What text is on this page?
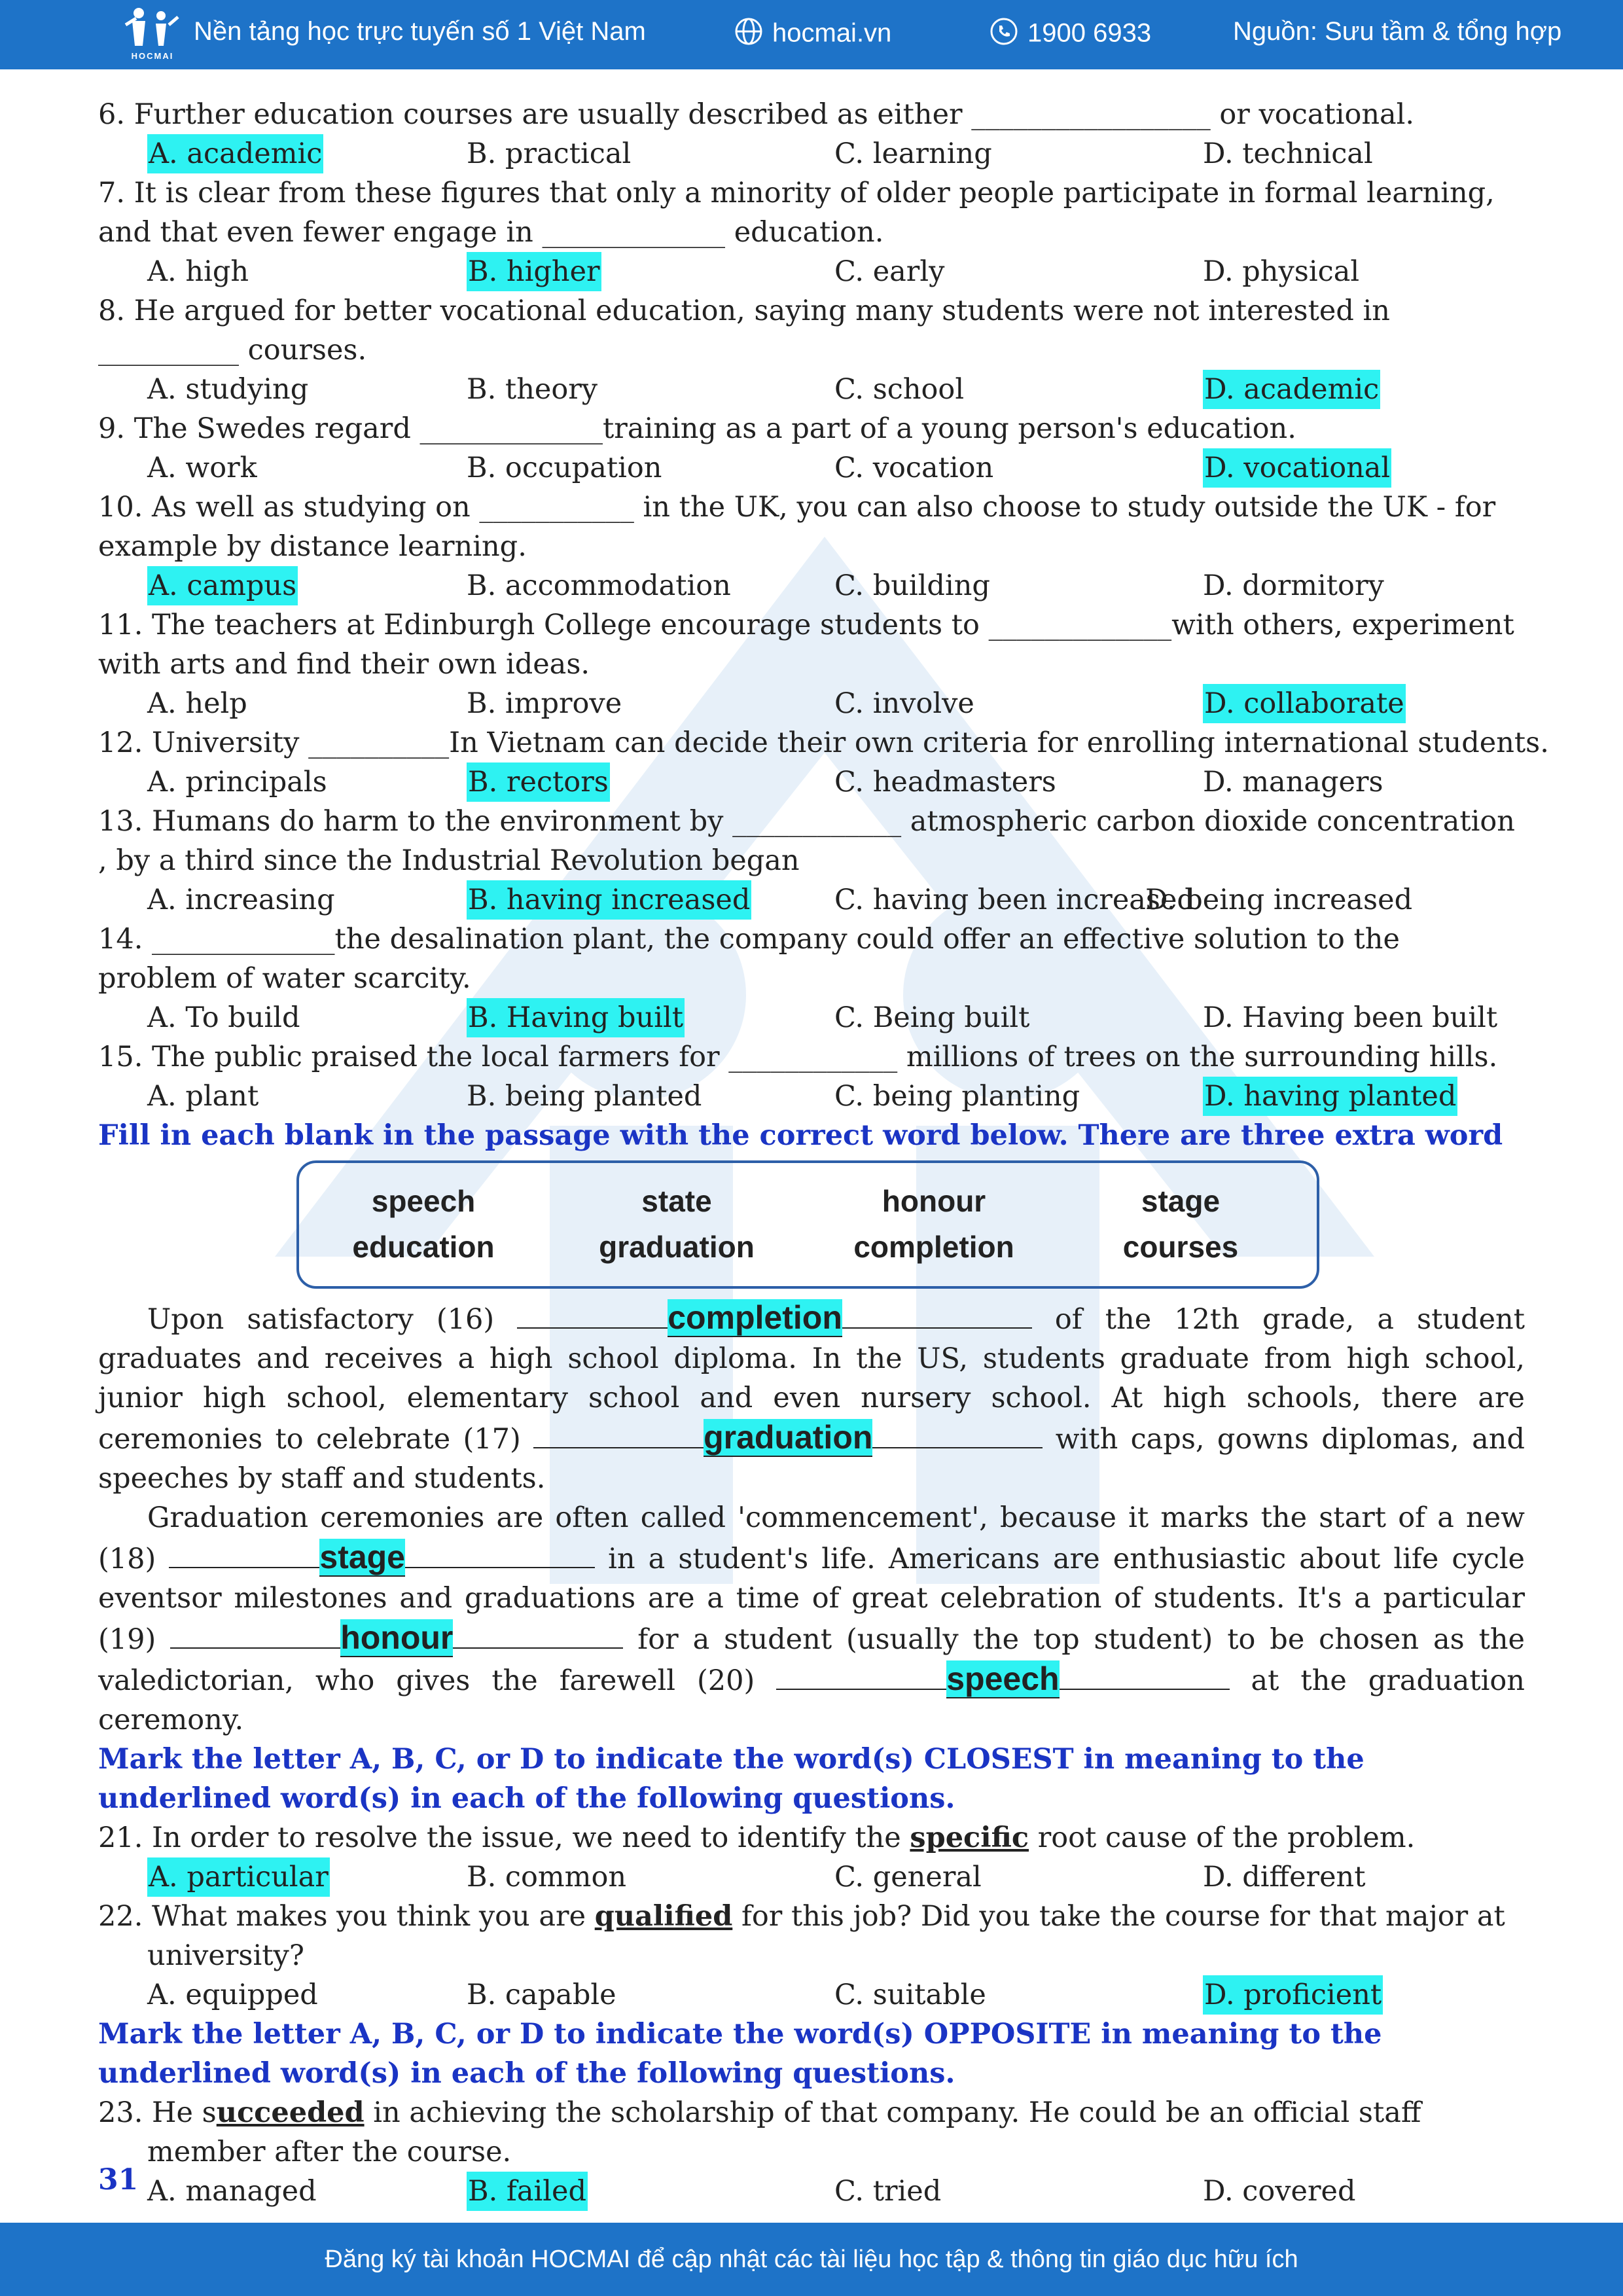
HOCMAI
Nền tảng học trực tuyến số 1 Việt Nam	hocmai.vn	1900 6933	Nguồn: Sưu tầm & tổng hợp
6. Further education courses are usually described as either _________________ or vocational.
A. academic	B. practical	C. learning	D. technical
7. It is clear from these figures that only a minority of older people participate in formal learning, and that even fewer engage in _____________ education.
A. high	B. higher	C. early	D. physical
8. He argued for better vocational education, saying many students were not interested in __________ courses.
A. studying	B. theory	C. school	D. academic
9. The Swedes regard _____________training as a part of a young person's education.
A. work	B. occupation	C. vocation	D. vocational
10. As well as studying on ___________ in the UK, you can also choose to study outside the UK - for example by distance learning.
A. campus	B. accommodation	C. building	D. dormitory
11. The teachers at Edinburgh College encourage students to _____________with others, experiment with arts and find their own ideas.
A. help	B. improve	C. involve	D. collaborate
12. University __________In Vietnam can decide their own criteria for enrolling international students.
A. principals	B. rectors	C. headmasters	D. managers
13. Humans do harm to the environment by ____________ atmospheric carbon dioxide concentration , by a third since the Industrial Revolution began
A. increasing	B. having increased	C. having been increased
D. being increased
14. _____________the desalination plant, the company could offer an effective solution to the problem of water scarcity.
A. To build	B. Having built	C. Being built	D. Having been built
15. The public praised the local farmers for ____________ millions of trees on the surrounding hills.
A. plant	B. being planted	C. being planting	D. having planted
Fill in each blank in the passage with the correct word below. There are three extra word
speech	state	honour	stage
education	graduation	completion	courses
Upon satisfactory (16)	completion	of the 12th grade, a student graduates and receives a high school diploma. In the US, students graduate from high school, junior high school, elementary school and even nursery school. At high schools, there are ceremonies to celebrate (17)	graduation	with caps, gowns diplomas, and speeches by staff and students.
Graduation ceremonies are often called 'commencement', because it marks the start of a new (18)	stage	in a student's life. Americans are enthusiastic about life cycle eventsor milestones and graduations are a time of great celebration of students. It's a particular (19)	honour	for a student (usually the top student) to be chosen as the valedictorian, who gives the farewell (20)	speech	at the graduation ceremony.
Mark the letter A, B, C, or D to indicate the word(s) CLOSEST in meaning to the underlined word(s) in each of the following questions.
21. In order to resolve the issue, we need to identify the specific root cause of the problem.
A. particular	B. common	C. general	D. different
22. What makes you think you are qualified for this job? Did you take the course for that major at university?
A. equipped	B. capable	C. suitable	D. proficient
Mark the letter A, B, C, or D to indicate the word(s) OPPOSITE in meaning to the underlined word(s) in each of the following questions.
23. He succeeded in achieving the scholarship of that company. He could be an official staff member after the course.
A. managed	B. failed	C. tried	D. covered
31
Đăng ký tài khoản HOCMAI để cập nhật các tài liệu học tập & thông tin giáo dục hữu ích
